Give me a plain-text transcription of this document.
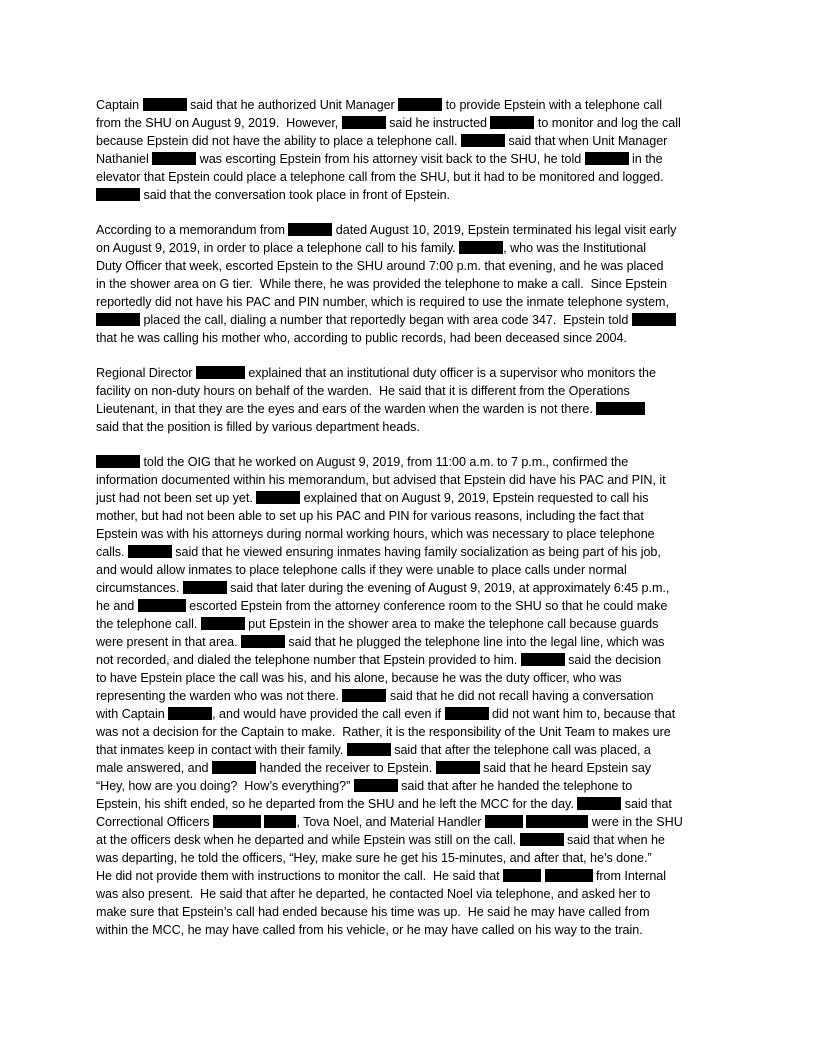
Captain	said that he authorized Unit Manager	to provide Epstein with a telephone call
from the SHU on August 9, 2019.  However,	said he instructed	to monitor and log the call
because Epstein did not have the ability to place a telephone call.	said that when Unit Manager
Nathaniel	was escorting Epstein from his attorney visit back to the SHU, he told	in the
elevator that Epstein could place a telephone call from the SHU, but it had to be monitored and logged.
said that the conversation took place in front of Epstein.
According to a memorandum from	dated August 10, 2019, Epstein terminated his legal visit early
on August 9, 2019, in order to place a telephone call to his family.	, who was the Institutional
Duty Officer that week, escorted Epstein to the SHU around 7:00 p.m. that evening, and he was placed
in the shower area on G tier.  While there, he was provided the telephone to make a call.  Since Epstein
reportedly did not have his PAC and PIN number, which is required to use the inmate telephone system,
placed the call, dialing a number that reportedly began with area code 347.  Epstein told
that he was calling his mother who, according to public records, had been deceased since 2004.
Regional Director	explained that an institutional duty officer is a supervisor who monitors the
facility on non-duty hours on behalf of the warden.  He said that it is different from the Operations
Lieutenant, in that they are the eyes and ears of the warden when the warden is not there.
said that the position is filled by various department heads.
told the OIG that he worked on August 9, 2019, from 11:00 a.m. to 7 p.m., confirmed the
information documented within his memorandum, but advised that Epstein did have his PAC and PIN, it
just had not been set up yet.	explained that on August 9, 2019, Epstein requested to call his
mother, but had not been able to set up his PAC and PIN for various reasons, including the fact that
Epstein was with his attorneys during normal working hours, which was necessary to place telephone
calls.	said that he viewed ensuring inmates having family socialization as being part of his job,
and would allow inmates to place telephone calls if they were unable to place calls under normal
circumstances.	said that later during the evening of August 9, 2019, at approximately 6:45 p.m.,
he and	escorted Epstein from the attorney conference room to the SHU so that he could make
the telephone call.	put Epstein in the shower area to make the telephone call because guards
were present in that area.	said that he plugged the telephone line into the legal line, which was
not recorded, and dialed the telephone number that Epstein provided to him.	said the decision
to have Epstein place the call was his, and his alone, because he was the duty officer, who was
representing the warden who was not there.	said that he did not recall having a conversation
with Captain	, and would have provided the call even if	did not want him to, because that
was not a decision for the Captain to make.  Rather, it is the responsibility of the Unit Team to makes ure
that inmates keep in contact with their family.	said that after the telephone call was placed, a
male answered, and	handed the receiver to Epstein.	said that he heard Epstein say
“Hey, how are you doing?  How’s everything?”	said that after he handed the telephone to
Epstein, his shift ended, so he departed from the SHU and he left the MCC for the day.	said that
Correctional Officers	, Tova Noel, and Material Handler	were in the SHU
at the officers desk when he departed and while Epstein was still on the call.	said that when he
was departing, he told the officers, “Hey, make sure he get his 15-minutes, and after that, he’s done.”
He did not provide them with instructions to monitor the call.  He said that	from Internal
was also present.  He said that after he departed, he contacted Noel via telephone, and asked her to
make sure that Epstein’s call had ended because his time was up.  He said he may have called from
within the MCC, he may have called from his vehicle, or he may have called on his way to the train.
